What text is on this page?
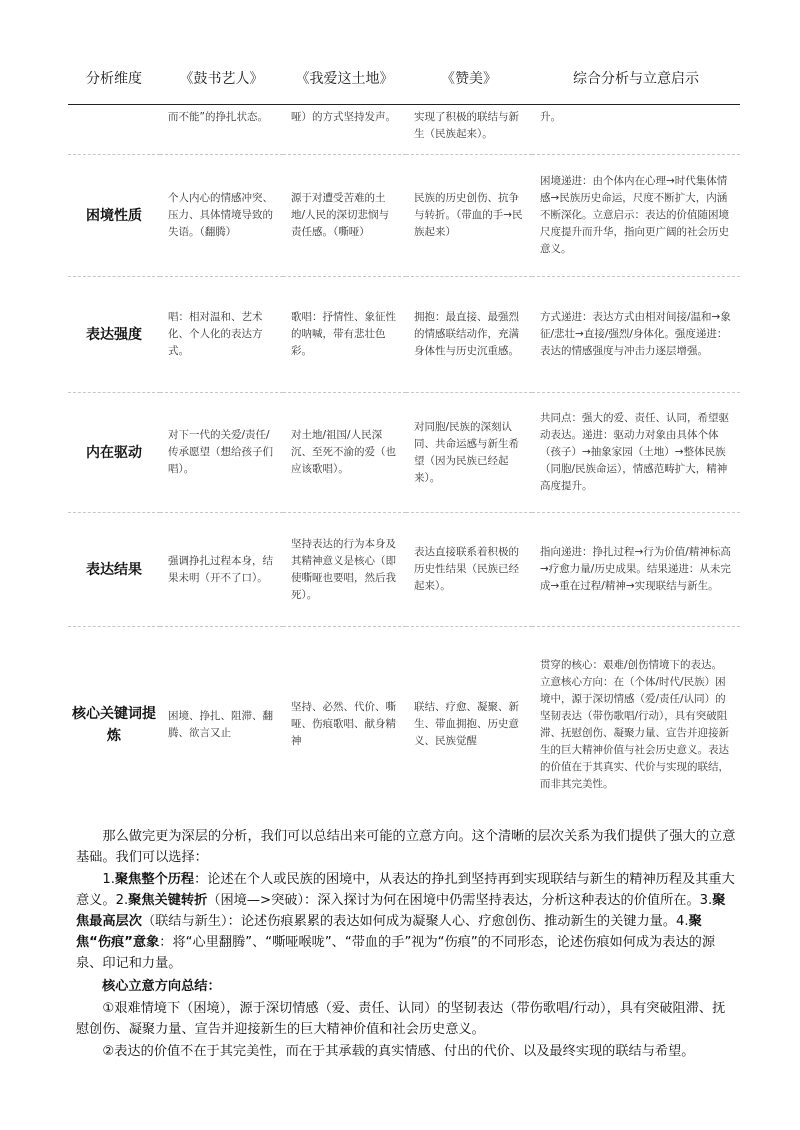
分析维度	《鼓书艺人》	《我爱这土地》	《赞美》	综合分析与立意启示
	而不能”的挣扎状态。	哑）的方式坚持发声。	实现了积极的联结与新生（民族起来）。	升。
困境性质	个人内心的情感冲突、压力、具体情境导致的失语。（翻腾）	源于对遭受苦难的土地/人民的深切悲悯与责任感。（嘶哑）	民族的历史创伤、抗争与转折。（带血的手→民族起来）	困境递进：由个体内在心理→时代集体情感→民族历史命运，尺度不断扩大，内涵不断深化。立意启示：表达的价值随困境尺度提升而升华，指向更广阔的社会历史意义。
表达强度	唱：相对温和、艺术化、个人化的表达方式。	歌唱：抒情性、象征性的呐喊，带有悲壮色彩。	拥抱：最直接、最强烈的情感联结动作，充满身体性与历史沉重感。	方式递进：表达方式由相对间接/温和→象征/悲壮→直接/强烈/身体化。强度递进：表达的情感强度与冲击力逐层增强。
内在驱动	对下一代的关爱/责任/传承愿望（想给孩子们唱）。	对土地/祖国/人民深沉、至死不渝的爱（也应该歌唱）。	对同胞/民族的深刻认同、共命运感与新生希望（因为民族已经起来）。	共同点：强大的爱、责任、认同，希望驱动表达。递进：驱动力对象由具体个体（孩子）→抽象家园（土地）→整体民族（同胞/民族命运），情感范畴扩大，精神高度提升。
表达结果	强调挣扎过程本身，结果未明（开不了口）。	坚持表达的行为本身及其精神意义是核心（即使嘶哑也要唱，然后我死）。	表达直接联系着积极的历史性结果（民族已经起来）。	指向递进：挣扎过程→行为价值/精神标高→疗愈力量/历史成果。结果递进：从未完成→重在过程/精神→实现联结与新生。
核心关键词提炼	困境、挣扎、阻滞、翻腾、欲言又止	坚持、必然、代价、嘶哑、伤痕歌唱、献身精神	联结、疗愈、凝聚、新生、带血拥抱、历史意义、民族觉醒	贯穿的核心：艰难/创伤情境下的表达。立意核心方向：在（个体/时代/民族）困境中，源于深切情感（爱/责任/认同）的坚韧表达（带伤歌唱/行动），具有突破阻滞、抚慰创伤、凝聚力量、宣告并迎接新生的巨大精神价值与社会历史意义。表达的价值在于其真实、代价与实现的联结，而非其完美性。

那么做完更为深层的分析，我们可以总结出来可能的立意方向。这个清晰的层次关系为我们提供了强大的立意基础。我们可以选择：

1.聚焦整个历程：论述在个人或民族的困境中，从表达的挣扎到坚持再到实现联结与新生的精神历程及其重大意义。2.聚焦关键转折（困境—>突破）：深入探讨为何在困境中仍需坚持表达，分析这种表达的价值所在。3.聚焦最高层次（联结与新生）：论述伤痕累累的表达如何成为凝聚人心、疗愈创伤、推动新生的关键力量。4.聚焦“伤痕”意象：将“心里翻腾”、“嘶哑喉咙”、“带血的手”视为“伤痕”的不同形态，论述伤痕如何成为表达的源泉、印记和力量。

核心立意方向总结：

①艰难情境下（困境），源于深切情感（爱、责任、认同）的坚韧表达（带伤歌唱/行动），具有突破阻滞、抚慰创伤、凝聚力量、宣告并迎接新生的巨大精神价值和社会历史意义。

②表达的价值不在于其完美性，而在于其承载的真实情感、付出的代价、以及最终实现的联结与希望。
